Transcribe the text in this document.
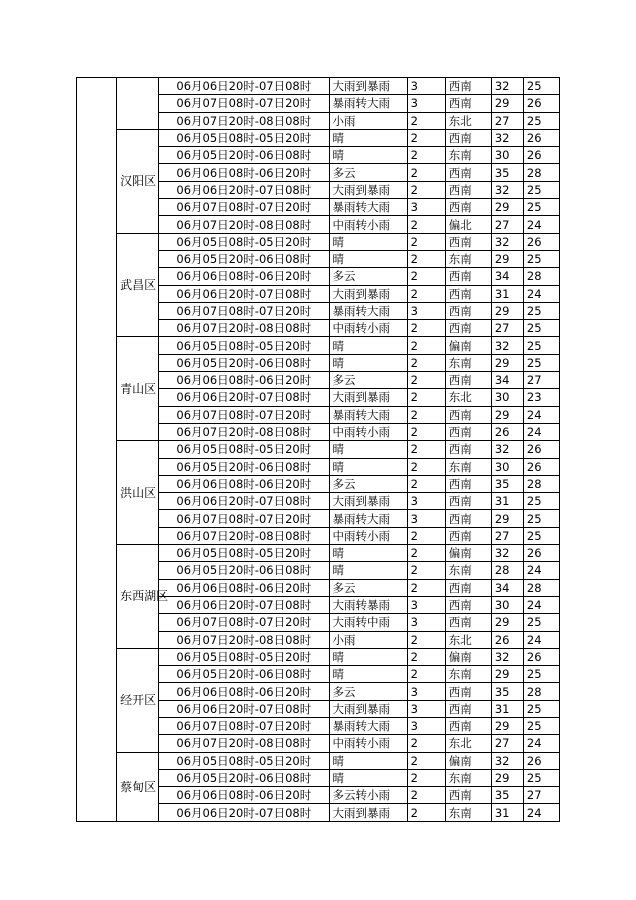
		06月06日20时-07日08时	大雨到暴雨	3	西南	32	25
		06月07日08时-07日20时	暴雨转大雨	3	西南	29	26
		06月07日20时-08日08时	小雨	2	东北	27	25
	汉阳区	06月05日08时-05日20时	晴	2	西南	32	26
		06月05日20时-06日08时	晴	2	东南	30	26
		06月06日08时-06日20时	多云	2	西南	35	28
		06月06日20时-07日08时	大雨到暴雨	2	西南	32	25
		06月07日08时-07日20时	暴雨转大雨	3	西南	29	25
		06月07日20时-08日08时	中雨转小雨	2	偏北	27	24
	武昌区	06月05日08时-05日20时	晴	2	西南	32	26
		06月05日20时-06日08时	晴	2	东南	29	25
		06月06日08时-06日20时	多云	2	西南	34	28
		06月06日20时-07日08时	大雨到暴雨	2	西南	31	24
		06月07日08时-07日20时	暴雨转大雨	3	西南	29	25
		06月07日20时-08日08时	中雨转小雨	2	西南	27	25
	青山区	06月05日08时-05日20时	晴	2	偏南	32	25
		06月05日20时-06日08时	晴	2	东南	29	25
		06月06日08时-06日20时	多云	2	西南	34	27
		06月06日20时-07日08时	大雨到暴雨	2	东北	30	23
		06月07日08时-07日20时	暴雨转大雨	2	西南	29	24
		06月07日20时-08日08时	中雨转小雨	2	西南	26	24
	洪山区	06月05日08时-05日20时	晴	2	西南	32	26
		06月05日20时-06日08时	晴	2	东南	30	26
		06月06日08时-06日20时	多云	2	西南	35	28
		06月06日20时-07日08时	大雨到暴雨	3	西南	31	25
		06月07日08时-07日20时	暴雨转大雨	3	西南	29	25
		06月07日20时-08日08时	中雨转小雨	2	西南	27	25
	东西湖区	06月05日08时-05日20时	晴	2	偏南	32	26
		06月05日20时-06日08时	晴	2	东南	28	24
		06月06日08时-06日20时	多云	2	西南	34	28
		06月06日20时-07日08时	大雨转暴雨	3	西南	30	24
		06月07日08时-07日20时	大雨转中雨	3	西南	29	25
		06月07日20时-08日08时	小雨	2	东北	26	24
	经开区	06月05日08时-05日20时	晴	2	偏南	32	26
		06月05日20时-06日08时	晴	2	东南	29	25
		06月06日08时-06日20时	多云	3	西南	35	28
		06月06日20时-07日08时	大雨到暴雨	3	西南	31	25
		06月07日08时-07日20时	暴雨转大雨	3	西南	29	25
		06月07日20时-08日08时	中雨转小雨	2	东北	27	24
	蔡甸区	06月05日08时-05日20时	晴	2	偏南	32	26
		06月05日20时-06日08时	晴	2	东南	29	25
		06月06日08时-06日20时	多云转小雨	2	西南	35	27
		06月06日20时-07日08时	大雨到暴雨	2	东南	31	24
